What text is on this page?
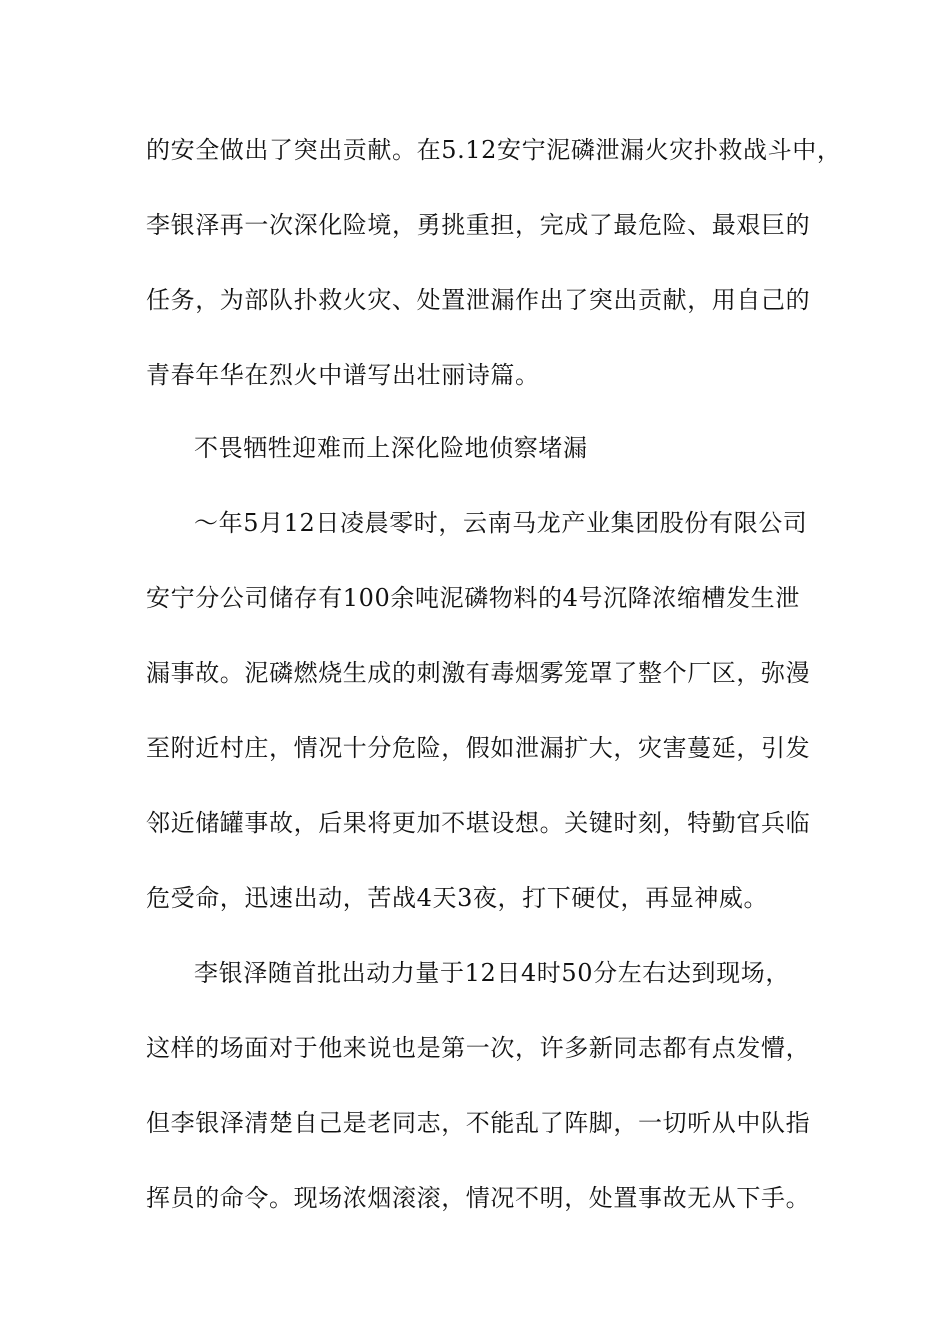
的安全做出了突出贡献。在5.12安宁泥磷泄漏火灾扑救战斗中，
李银泽再一次深化险境，勇挑重担，完成了最危险、最艰巨的
任务，为部队扑救火灾、处置泄漏作出了突出贡献，用自己的
青春年华在烈火中谱写出壮丽诗篇。
不畏牺牲迎难而上深化险地侦察堵漏
～年5月12日凌晨零时，云南马龙产业集团股份有限公司
安宁分公司储存有100余吨泥磷物料的4号沉降浓缩槽发生泄
漏事故。泥磷燃烧生成的刺激有毒烟雾笼罩了整个厂区，弥漫
至附近村庄，情况十分危险，假如泄漏扩大，灾害蔓延，引发
邻近储罐事故，后果将更加不堪设想。关键时刻，特勤官兵临
危受命，迅速出动，苦战4天3夜，打下硬仗，再显神威。
李银泽随首批出动力量于12日4时50分左右达到现场，
这样的场面对于他来说也是第一次，许多新同志都有点发懵，
但李银泽清楚自己是老同志，不能乱了阵脚，一切听从中队指
挥员的命令。现场浓烟滚滚，情况不明，处置事故无从下手。
